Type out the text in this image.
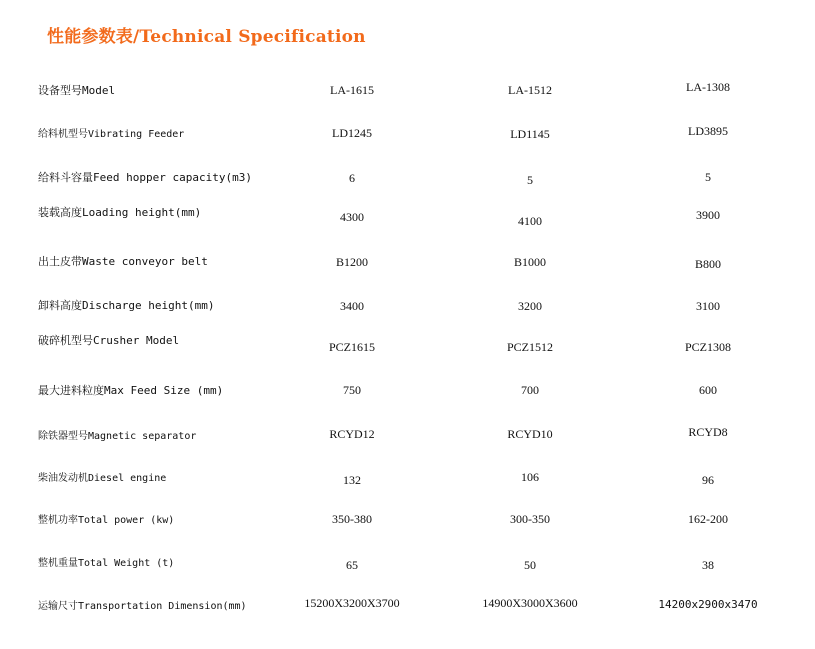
性能参数表/Technical Specification
设备型号Model	LA-1615	LA-1512	LA-1308
给料机型号Vibrating Feeder	LD1245	LD1145	LD3895
给料斗容量Feed hopper capacity(m3)	6	5	5
装载高度Loading height(mm)	4300	4100	3900
出土皮带Waste conveyor belt	B1200	B1000	B800
卸料高度Discharge height(mm)	3400	3200	3100
破碎机型号Crusher Model	PCZ1615	PCZ1512	PCZ1308
最大进料粒度Max Feed Size (mm)	750	700	600
除铁器型号Magnetic separator	RCYD12	RCYD10	RCYD8
柴油发动机Diesel engine	132	106	96
整机功率Total power (kw)	350-380	300-350	162-200
整机重量Total Weight (t)	65	50	38
运输尺寸Transportation Dimension(mm)	15200X3200X3700	14900X3000X3600	14200x2900x3470
